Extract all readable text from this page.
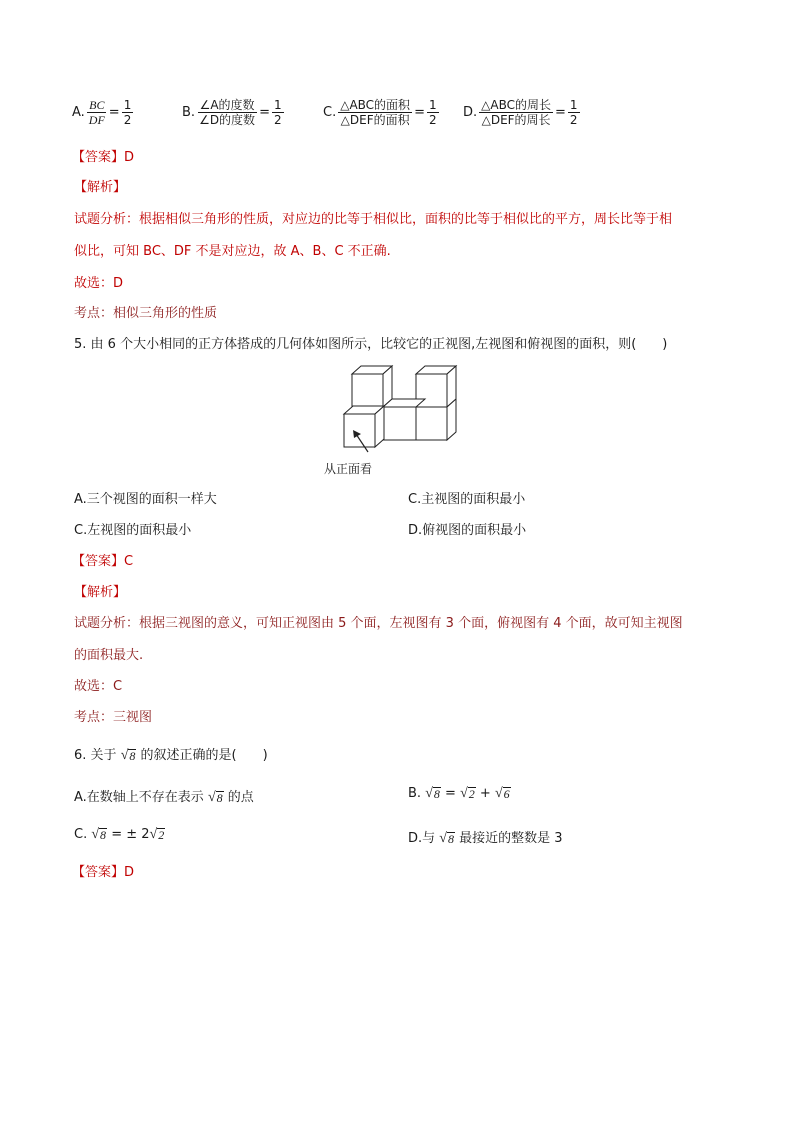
A. $\frac{BC}{DF} = \frac{1}{2}$	B. $\frac{\text{∠A的度数}}{\text{∠D的度数}} = \frac{1}{2}$	C. $\frac{\text{△ABC的面积}}{\text{△DEF的面积}} = \frac{1}{2} D$. $\frac{\text{△ABC的周长}}{\text{△DEF的周长}} = \frac{1}{2}$
【答案】D
【解析】
试题分析：根据相似三角形的性质，对应边的比等于相似比，面积的比等于相似比的平方，周长比等于相
似比，可知 BC、DF 不是对应边，故 A、B、C 不正确.
故选：D
考点：相似三角形的性质
5. 由 6 个大小相同的正方体搭成的几何体如图所示，比较它的正视图,左视图和俯视图的面积，则(　　)
从正面看
A.三个视图的面积一样大	C.主视图的面积最小
C.左视图的面积最小	D.俯视图的面积最小
【答案】C
【解析】
试题分析：根据三视图的意义，可知正视图由 5 个面，左视图有 3 个面，俯视图有 4 个面，故可知主视图
的面积最大.
故选：C
考点：三视图
6. 关于 √ 8 的叙述正确的是(　　)
A.在数轴上不存在表示 √ 8 的点	B. √ 8 = √ 2 + √ 6
C. √ 8 = ± 2 √ 2	D.与 √ 8 最接近的整数是 3
【答案】D
